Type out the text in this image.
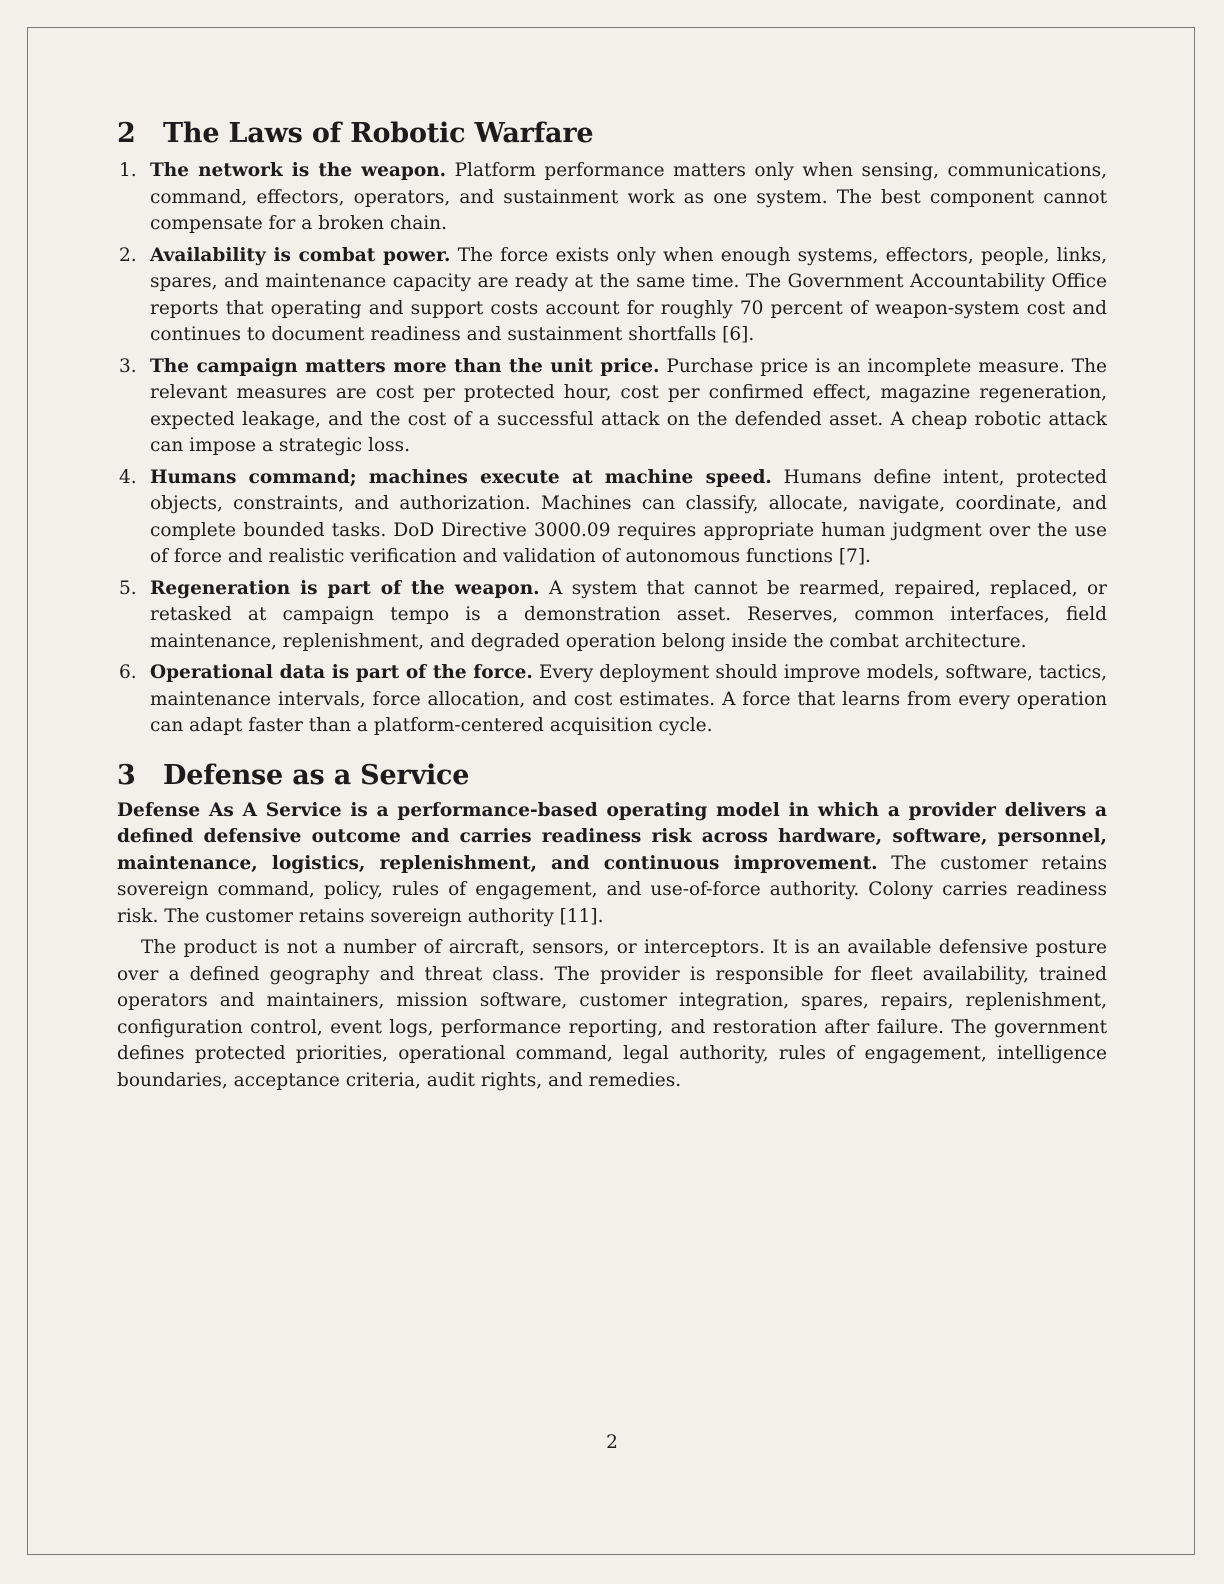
2 The Laws of Robotic Warfare
1. The network is the weapon. Platform performance matters only when sensing, communications, command, effectors, operators, and sustainment work as one system. The best component cannot compensate for a broken chain.
2. Availability is combat power. The force exists only when enough systems, effectors, people, links, spares, and maintenance capacity are ready at the same time. The Government Accountability Office reports that operating and support costs account for roughly 70 percent of weapon-system cost and continues to document readiness and sustainment shortfalls [6].
3. The campaign matters more than the unit price. Purchase price is an incomplete measure. The relevant measures are cost per protected hour, cost per confirmed effect, magazine regeneration, expected leakage, and the cost of a successful attack on the defended asset. A cheap robotic attack can impose a strategic loss.
4. Humans command; machines execute at machine speed. Humans define intent, protected objects, constraints, and authorization. Machines can classify, allocate, navigate, coordinate, and complete bounded tasks. DoD Directive 3000.09 requires appropriate human judgment over the use of force and realistic verification and validation of autonomous functions [7].
5. Regeneration is part of the weapon. A system that cannot be rearmed, repaired, replaced, or retasked at campaign tempo is a demonstration asset. Reserves, common interfaces, field maintenance, replenishment, and degraded operation belong inside the combat architecture.
6. Operational data is part of the force. Every deployment should improve models, software, tactics, maintenance intervals, force allocation, and cost estimates. A force that learns from every operation can adapt faster than a platform-centered acquisition cycle.
3 Defense as a Service

Defense As A Service is a performance-based operating model in which a provider delivers a defined defensive outcome and carries readiness risk across hardware, software, personnel, maintenance, logistics, replenishment, and continuous improvement. The customer retains sovereign command, policy, rules of engagement, and use-of-force authority. Colony carries readiness risk. The customer retains sovereign authority [11].

The product is not a number of aircraft, sensors, or interceptors. It is an available defensive posture over a defined geography and threat class. The provider is responsible for fleet availability, trained operators and maintainers, mission software, customer integration, spares, repairs, replenishment, configuration control, event logs, performance reporting, and restoration after failure. The government defines protected priorities, operational command, legal authority, rules of engagement, intelligence boundaries, acceptance criteria, audit rights, and remedies.

2
